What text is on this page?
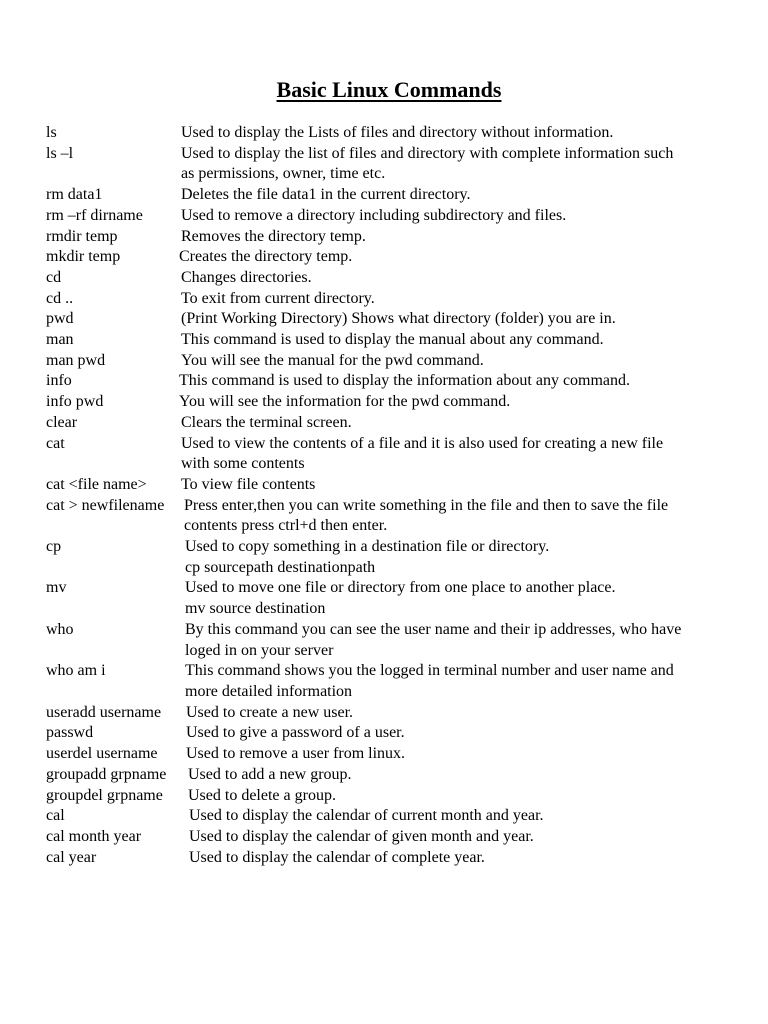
Basic Linux Commands
ls	Used to display the Lists of files and directory without information.
ls –l	Used to display the list of files and directory with complete information such
as permissions, owner, time etc.
rm data1	Deletes the file data1 in the current directory.
rm –rf dirname Used to remove a directory including subdirectory and files.
rmdir temp	Removes the directory temp.
mkdir temp	Creates the directory temp.
cd	Changes directories.
cd ..	To exit from current directory.
pwd	(Print Working Directory) Shows what directory (folder) you are in.
man	This command is used to display the manual about any command.
man pwd	You will see the manual for the pwd command.
info	This command is used to display the information about any command.
info pwd	You will see the information for the pwd command.
clear	Clears the terminal screen.
cat	Used to view the contents of a file and it is also used for creating a new file
with some contents
cat <file name> To view file contents
cat > newfilename Press enter,then you can write something in the file and then to save the file
contents press ctrl+d then enter.
cp	Used to copy something in a destination file or directory.
cp sourcepath destinationpath
mv	Used to move one file or directory from one place to another place.
mv source destination
who	By this command you can see the user name and their ip addresses, who have
loged in on your server
who am i	This command shows you the logged in terminal number and user name and
more detailed information
useradd username Used to create a new user.
passwd	Used to give a password of a user.
userdel username Used to remove a user from linux.
groupadd grpname Used to add a new group.
groupdel grpname Used to delete a group.
cal	Used to display the calendar of current month and year.
cal month year	Used to display the calendar of given month and year.
cal year	Used to display the calendar of complete year.
